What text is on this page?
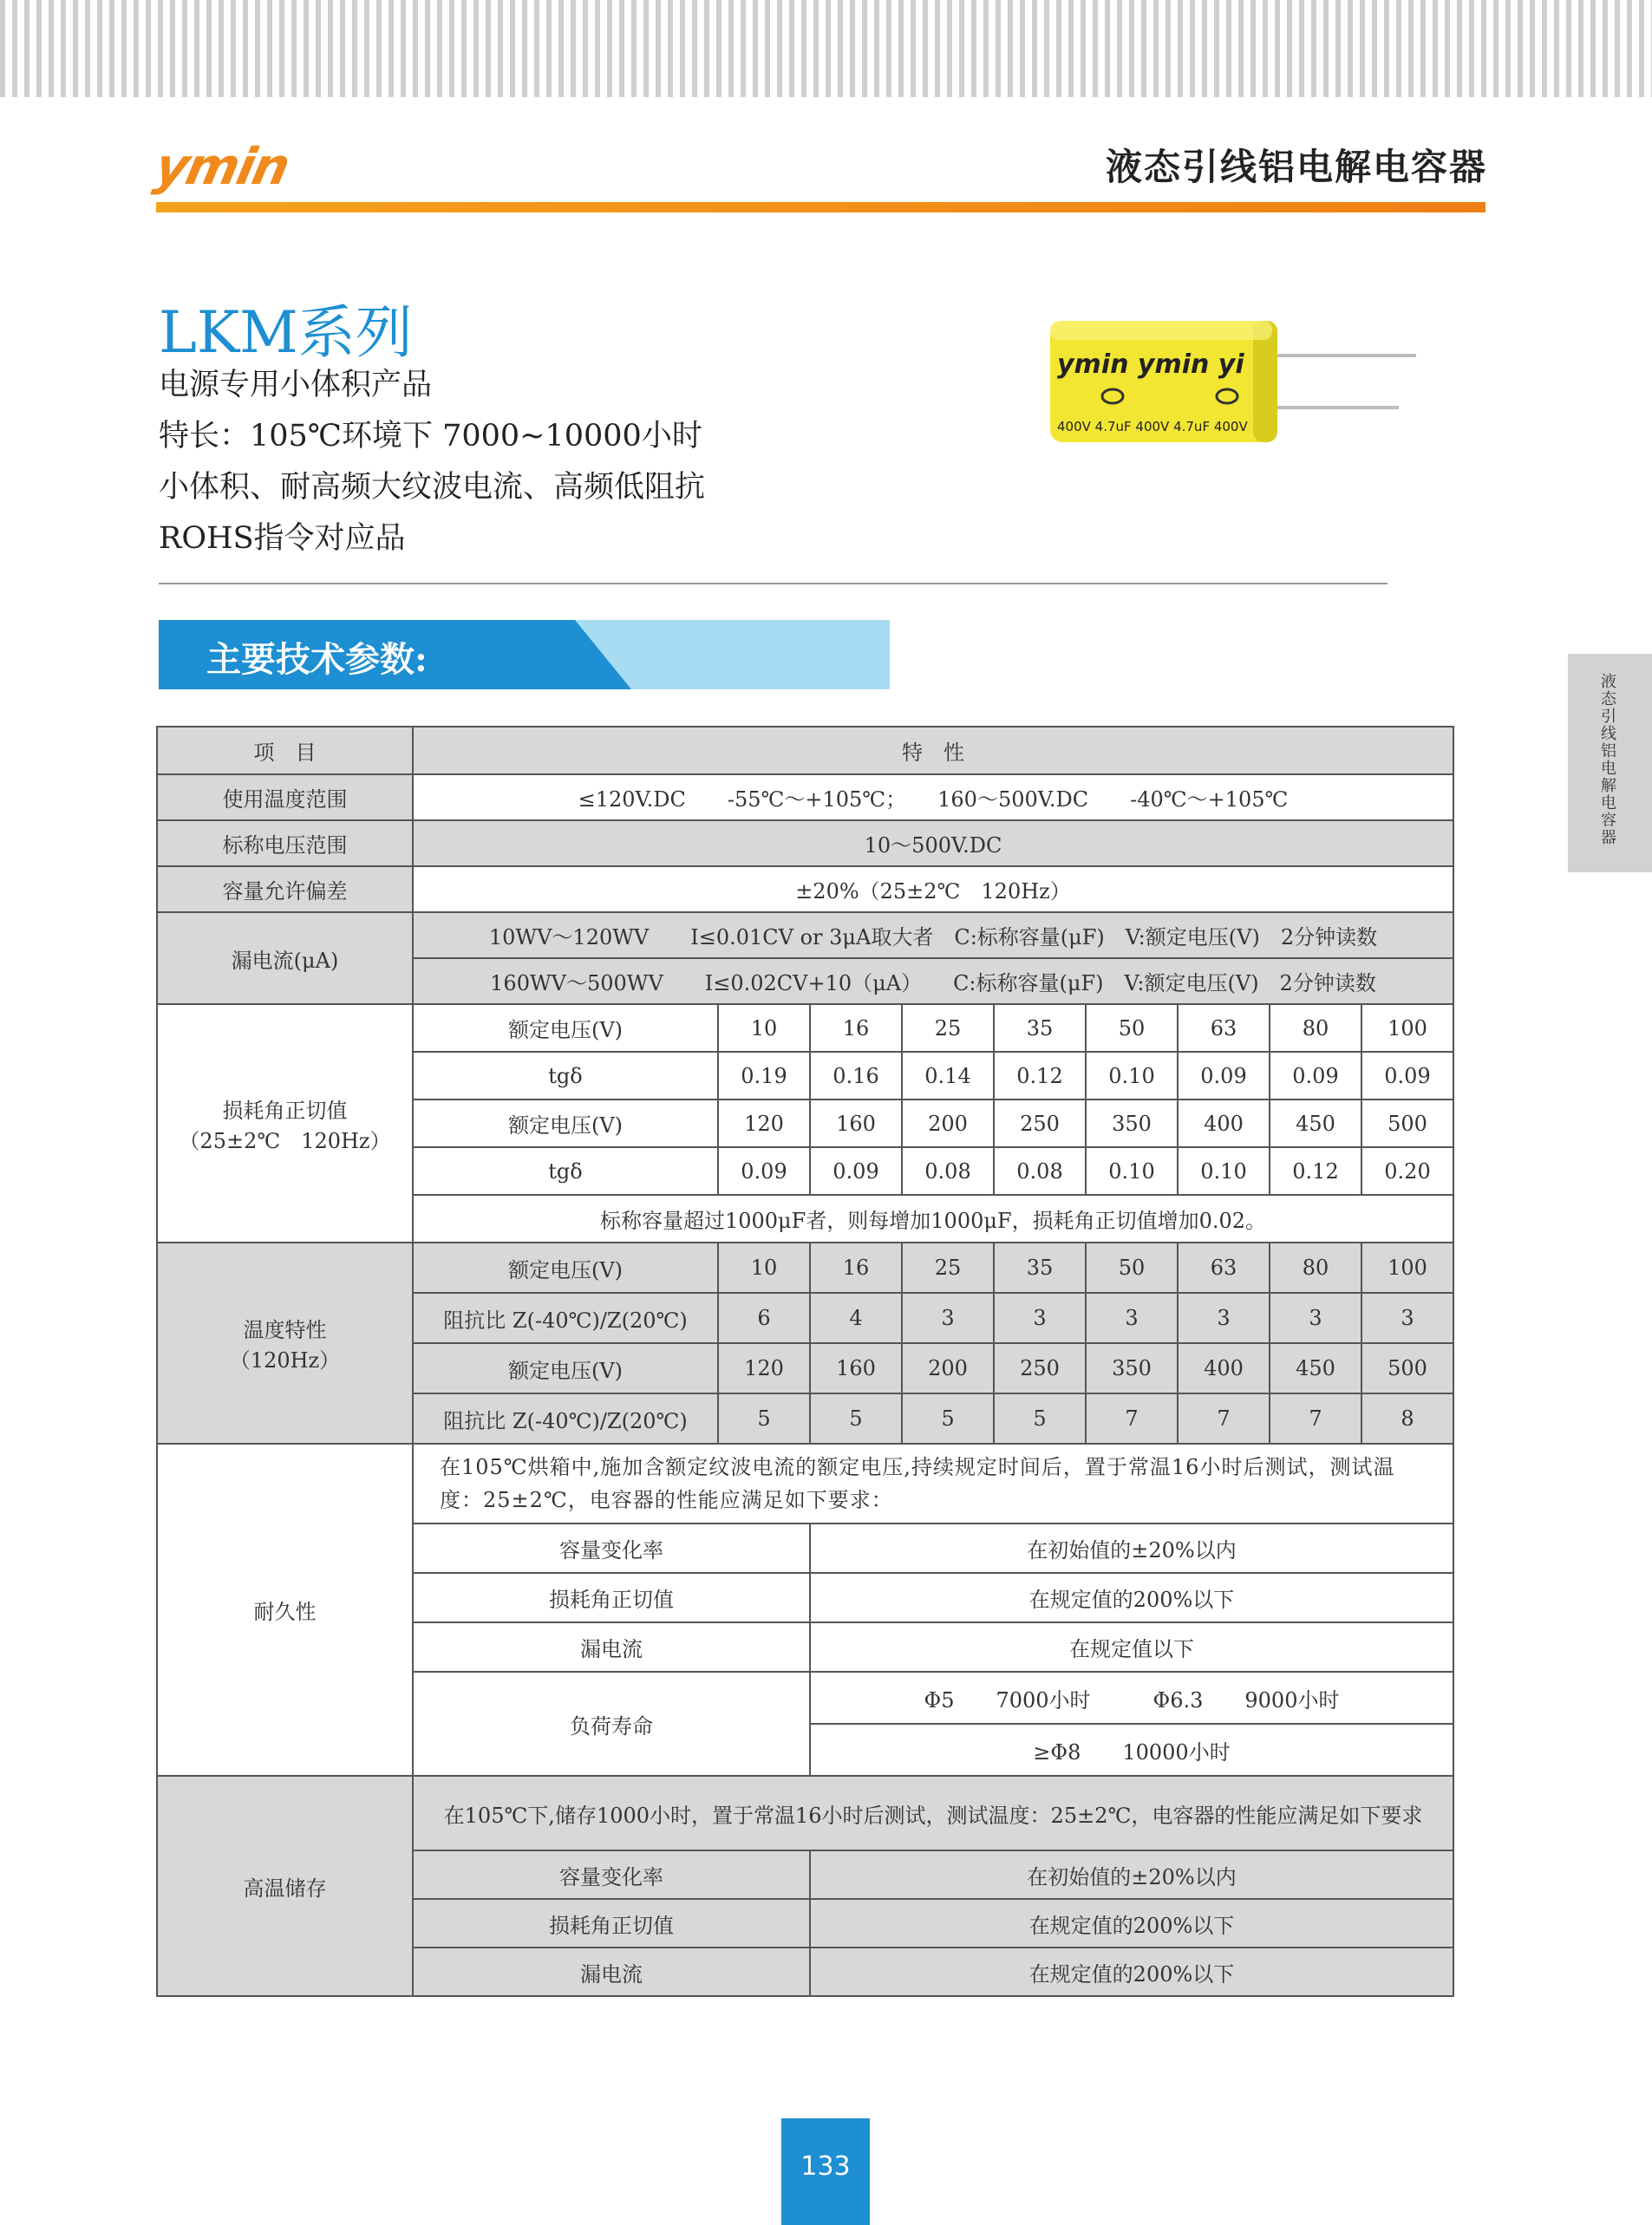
ymin	液态引线铝电解电容器
LKM系列
电源专用小体积产品
特长：105℃环境下 7000~10000小时
小体积、耐高频大纹波电流、高频低阻抗
ROHS指令对应品
ymin ymin yi
400V 4.7uF 400V 4.7uF 400V
主要技术参数:
液态引线铝电解电容器
项　目	特　性								
使用温度范围	≤120V.DC　　-55℃～+105℃；　　160～500V.DC　　-40℃～+105℃								
标称电压范围	10～500V.DC								
容量允许偏差	±20%（25±2℃　120Hz）								
漏电流(μA)	10WV～120WV　　I≤0.01CV or 3μA取大者　C:标称容量(μF)　V:额定电压(V)　2分钟读数								
	160WV～500WV　　I≤0.02CV+10（μA）　　C:标称容量(μF)　V:额定电压(V)　2分钟读数								

损耗角正切值
（25±2℃　120Hz）	额定电压(V)	10	16	25	35	50	63	80	100
	tgδ	0.19	0.16	0.14	0.12	0.10	0.09	0.09	0.09
	额定电压(V)	120	160	200	250	350	400	450	500
	tgδ	0.09	0.09	0.08	0.08	0.10	0.10	0.12	0.20
	标称容量超过1000μF者，则每增加1000μF，损耗角正切值增加0.02。								

温度特性
（120Hz）	额定电压(V)	10	16	25	35	50	63	80	100
	阻抗比 Z(-40℃)/Z(20℃)	6	4	3	3	3	3	3	3
	额定电压(V)	120	160	200	250	350	400	450	500
	阻抗比 Z(-40℃)/Z(20℃)	5	5	5	5	7	7	7	8
耐久性	在105℃烘箱中,施加含额定纹波电流的额定电压,持续规定时间后，置于常温16小时后测试，测试温度：25±2℃，电容器的性能应满足如下要求：								
	容量变化率		在初始值的±20%以内						
	损耗角正切值		在规定值的200%以下						
	漏电流		在规定值以下						
	负荷寿命		Φ5　　7000小时　　　Φ6.3　　9000小时						
			≥Φ8　　10000小时						
高温储存	在105℃下,储存1000小时，置于常温16小时后测试，测试温度：25±2℃，电容器的性能应满足如下要求								
	容量变化率		在初始值的±20%以内						
	损耗角正切值		在规定值的200%以下						
	漏电流		在规定值的200%以下						
133
